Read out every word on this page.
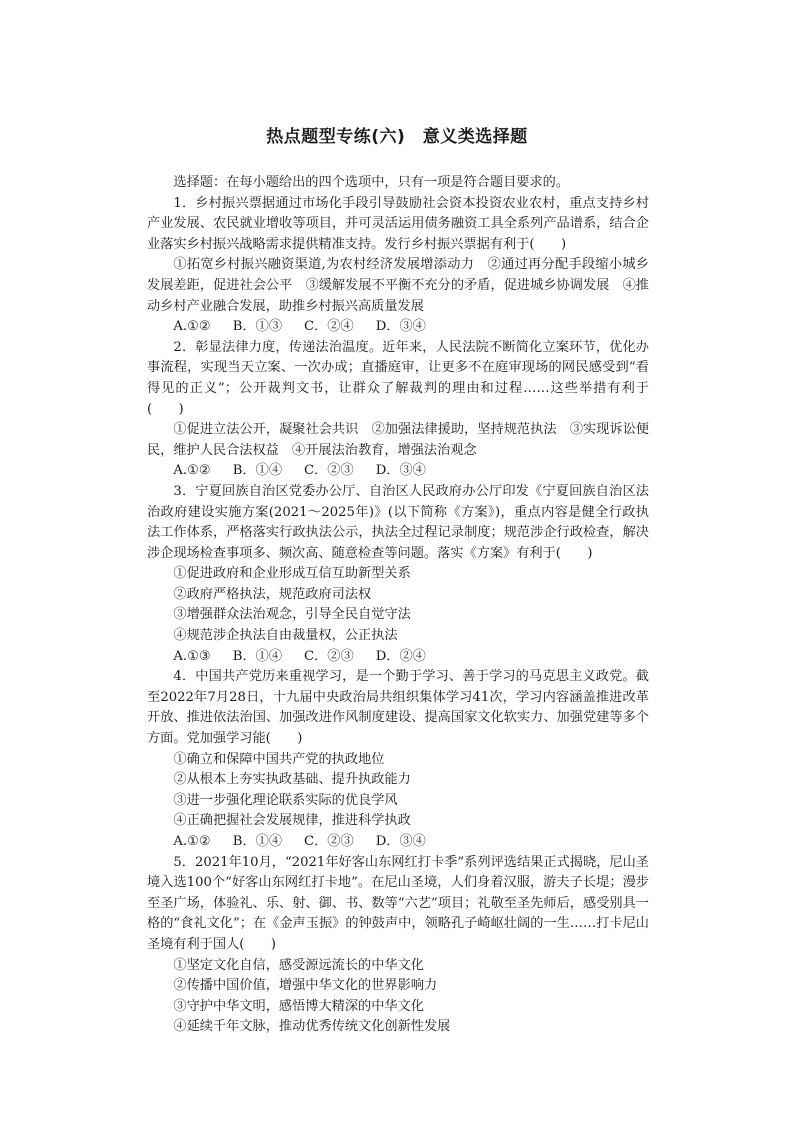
热点题型专练(六)　意义类选择题

选择题：在每小题给出的四个选项中，只有一项是符合题目要求的。

1．乡村振兴票据通过市场化手段引导鼓励社会资本投资农业农村，重点支持乡村产业发展、农民就业增收等项目，并可灵活运用债务融资工具全系列产品谱系，结合企业落实乡村振兴战略需求提供精准支持。发行乡村振兴票据有利于(　　)

①拓宽乡村振兴融资渠道,为农村经济发展增添动力　②通过再分配手段缩小城乡发展差距，促进社会公平　③缓解发展不平衡不充分的矛盾，促进城乡协调发展　④推动乡村产业融合发展，助推乡村振兴高质量发展

A.①② B．①③ C．②④ D．③④

2．彰显法律力度，传递法治温度。近年来，人民法院不断简化立案环节，优化办事流程，实现当天立案、一次办成；直播庭审，让更多不在庭审现场的网民感受到“看得见的正义”；公开裁判文书，让群众了解裁判的理由和过程……这些举措有利于(　　)

①促进立法公开，凝聚社会共识　②加强法律援助，坚持规范执法　③实现诉讼便民，维护人民合法权益　④开展法治教育，增强法治观念

A.①② B．①④ C．②③ D．③④

3．宁夏回族自治区党委办公厅、自治区人民政府办公厅印发《宁夏回族自治区法治政府建设实施方案(2021～2025年)》(以下简称《方案》)，重点内容是健全行政执法工作体系，严格落实行政执法公示，执法全过程记录制度；规范涉企行政检查，解决涉企现场检查事项多、频次高、随意检查等问题。落实《方案》有利于(　　)

①促进政府和企业形成互信互助新型关系

②政府严格执法，规范政府司法权

③增强群众法治观念，引导全民自觉守法

④规范涉企执法自由裁量权，公正执法

A.①③ B．①④ C．②③ D．②④

4．中国共产党历来重视学习，是一个勤于学习、善于学习的马克思主义政党。截至2022年7月28日，十九届中央政治局共组织集体学习41次，学习内容涵盖推进改革开放、推进依法治国、加强改进作风制度建设、提高国家文化软实力、加强党建等多个方面。党加强学习能(　　)

①确立和保障中国共产党的执政地位

②从根本上夯实执政基础、提升执政能力

③进一步强化理论联系实际的优良学风

④正确把握社会发展规律，推进科学执政

A.①② B．①④ C．②③ D．③④

5．2021年10月，“2021年好客山东网红打卡季”系列评选结果正式揭晓，尼山圣境入选100个“好客山东网红打卡地”。在尼山圣境，人们身着汉服，游夫子长堤；漫步至圣广场，体验礼、乐、射、御、书、数等“六艺”项目；礼敬至圣先师后，感受别具一格的“食礼文化”；在《金声玉振》的钟鼓声中，领略孔子崎岖壮阔的一生……打卡尼山圣境有利于国人(　　)

①坚定文化自信，感受源远流长的中华文化

②传播中国价值，增强中华文化的世界影响力

③守护中华文明，感悟博大精深的中华文化

④延续千年文脉，推动优秀传统文化创新性发展
